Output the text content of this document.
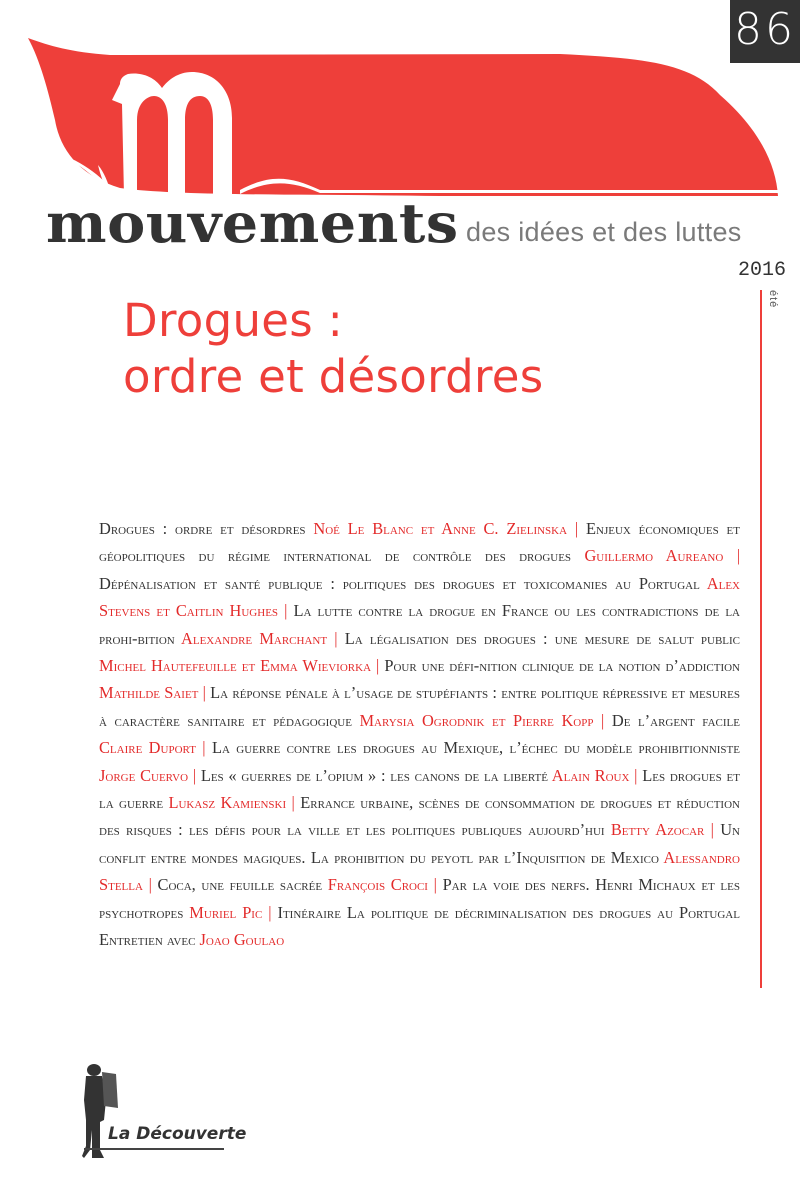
86
mouvements des idées et des luttes
2016
été
Drogues :
ordre et désordres
Drogues : ordre et désordres Noé Le Blanc et Anne C. Zielinska | Enjeux économiques et géopolitiques du régime international de contrôle des drogues Guillermo Aureano | Dépénalisation et santé publique : politiques des drogues et toxicomanies au Portugal Alex Stevens et Caitlin Hughes | La lutte contre la drogue en France ou les contradictions de la prohi-bition Alexandre Marchant | La légalisation des drogues : une mesure de salut public Michel Hautefeuille et Emma Wieviorka | Pour une défi-nition clinique de la notion d’addiction Mathilde Saiet | La réponse pénale à l’usage de stupéfiants : entre politique répressive et mesures à caractère sanitaire et pédagogique Marysia Ogrodnik et Pierre Kopp | De l’argent facile Claire Duport | La guerre contre les drogues au Mexique, l’échec du modèle prohibitionniste Jorge Cuervo | Les « guerres de l’opium » : les canons de la liberté Alain Roux | Les drogues et la guerre Lukasz Kamienski | Errance urbaine, scènes de consommation de drogues et réduction des risques : les défis pour la ville et les politiques publiques aujourd’hui Betty Azocar | Un conflit entre mondes magiques. La prohibition du peyotl par l’Inquisition de Mexico Alessandro Stella | Coca, une feuille sacrée François Croci | Par la voie des nerfs. Henri Michaux et les psychotropes Muriel Pic | Itinéraire La politique de décriminalisation des drogues au Portugal Entretien avec Joao Goulao
La Découverte
